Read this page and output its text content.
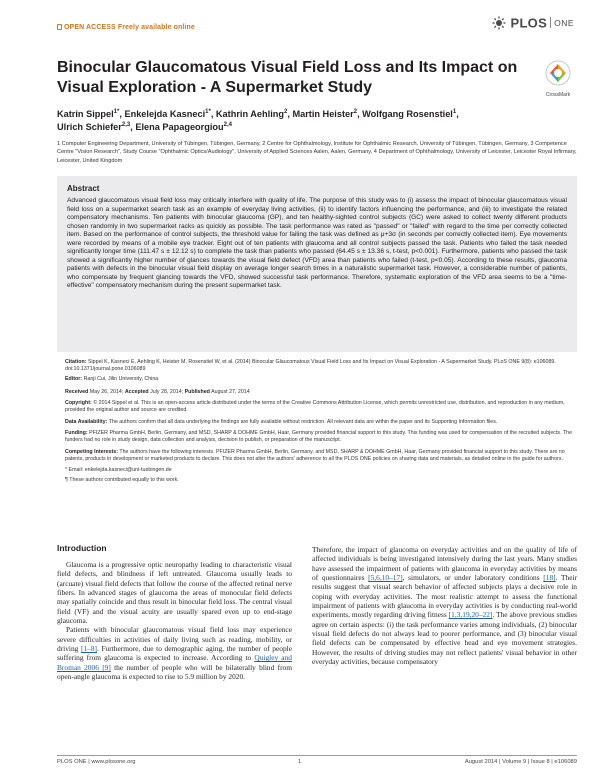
OPEN ACCESS Freely available online	PLOS ONE
Binocular Glaucomatous Visual Field Loss and Its Impact on Visual Exploration - A Supermarket Study	CrossMark
Katrin Sippel$^{1*}$, Enkelejda Kasneci$^{1*}$, Kathrin Aehling$^2$, Martin Heister$^2$, Wolfgang Rosenstiel$^1$,
Ulrich Schiefer$^{2,3}$, Elena Papageorgiou$^{2,4}$
1 Computer Engineering Department, University of Tübingen, Tübingen, Germany, 2 Centre for Ophthalmology, Institute for Ophthalmic Research, University of Tübingen, Tübingen, Germany, 3 Competence Centre "Vision Research", Study Course "Ophthalmic Optics/Audiology", University of Applied Sciences Aalen, Aalen, Germany, 4 Department of Ophthalmology, University of Leicester, Leicester Royal Infirmary, Leicester, United Kingdom
Abstract

Advanced glaucomatous visual field loss may critically interfere with quality of life. The purpose of this study was to (i) assess the impact of binocular glaucomatous visual field loss on a supermarket search task as an example of everyday living activities, (ii) to identify factors influencing the performance, and (iii) to investigate the related compensatory mechanisms. Ten patients with binocular glaucoma (GP), and ten healthy-sighted control subjects (GC) were asked to collect twenty different products chosen randomly in two supermarket racks as quickly as possible. The task performance was rated as "passed" or "failed" with regard to the time per correctly collected item. Based on the performance of control subjects, the threshold value for failing the task was defined as μ+3σ (in seconds per correctly collected item). Eye movements were recorded by means of a mobile eye tracker. Eight out of ten patients with glaucoma and all control subjects passed the task. Patients who failed the task needed significantly longer time (111.47 s ± 12.12 s) to complete the task than patients who passed (64.45 s ± 13.36 s, t-test, p<0.001). Furthermore, patients who passed the task showed a significantly higher number of glances towards the visual field defect (VFD) area than patients who failed (t-test, p<0.05). According to these results, glaucoma patients with defects in the binocular visual field display on average longer search times in a naturalistic supermarket task. However, a considerable number of patients, who compensate by frequent glancing towards the VFD, showed successful task performance. Therefore, systematic exploration of the VFD area seems to be a "time-effective" compensatory mechanism during the present supermarket task.

Citation: Sippel K, Kasneci E, Aehling K, Heister M, Rosenstiel W, et al. (2014) Binocular Glaucomatous Visual Field Loss and Its Impact on Visual Exploration - A Supermarket Study. PLoS ONE 9(8): e106089. doi:10.1371/journal.pone.0106089
Editor: Ranji Cui, Jilin University, China
Received May 26, 2014; Accepted July 28, 2014; Published August 27, 2014
Copyright: © 2014 Sippel et al. This is an open-access article distributed under the terms of the Creative Commons Attribution License, which permits unrestricted use, distribution, and reproduction in any medium, provided the original author and source are credited.
Data Availability: The authors confirm that all data underlying the findings are fully available without restriction. All relevant data are within the paper and its Supporting Information files.
Funding: PFIZER Pharma GmbH, Berlin, Germany, and MSD, SHARP & DOHME GmbH, Haar, Germany provided financial support to this study. This funding was used for compensation of the recruited subjects. The funders had no role in study design, data collection and analysis, decision to publish, or preparation of the manuscript.
Competing Interests: The authors have the following interests. PFIZER Pharma GmbH, Berlin, Germany, and MSD, SHARP & DOHME GmbH, Haar, Germany provided financial support to this study. There are no patents, products in development or marketed products to declare. This does not alter the authors' adherence to all the PLOS ONE policies on sharing data and materials, as detailed online in the guide for authors.
* Email: enkelejda.kasneci@uni-tuebingen.de
¶ These authors contributed equally to this work.
Introduction

Glaucoma is a progressive optic neuropathy leading to characteristic visual field defects, and blindness if left untreated. Glaucoma usually leads to (arcuate) visual field defects that follow the course of the affected retinal nerve fibers. In advanced stages of glaucoma the areas of monocular field defects may spatially coincide and thus result in binocular field loss. The central visual field (VF) and the visual acuity are usually spared even up to end-stage glaucoma.

Patients with binocular glaucomatous visual field loss may experience severe difficulties in activities of daily living such as reading, mobility, or driving [1–8]. Furthermore, due to demographic aging, the number of people suffering from glaucoma is expected to increase. According to Quigley and Broman 2006 [9] the number of people who will be bilaterally blind from open-angle glaucoma is expected to rise to 5.9 million by 2020.

Therefore, the impact of glaucoma on everyday activities and on the quality of life of affected individuals is being investigated intensively during the last years. Many studies have assessed the impairment of patients with glaucoma in everyday activities by means of questionnaires [5,6,10–17], simulators, or under laboratory conditions [18]. Their results suggest that visual search behavior of affected subjects plays a decisive role in coping with everyday activities. The most realistic attempt to assess the functional impairment of patients with glaucoma in everyday activities is by conducting real-world experiments, mostly regarding driving fitness [1,3,19,20–22]. The above previous studies agree on certain aspects: (i) the task performance varies among individuals, (2) binocular visual field defects do not always lead to poorer performance, and (3) binocular visual field defects can be compensated by effective head and eye movement strategies. However, the results of driving studies may not reflect patients' visual behavior in other everyday activities, because compensatory

PLOS ONE | www.plosone.org	1	August 2014 | Volume 9 | Issue 8 | e106089
